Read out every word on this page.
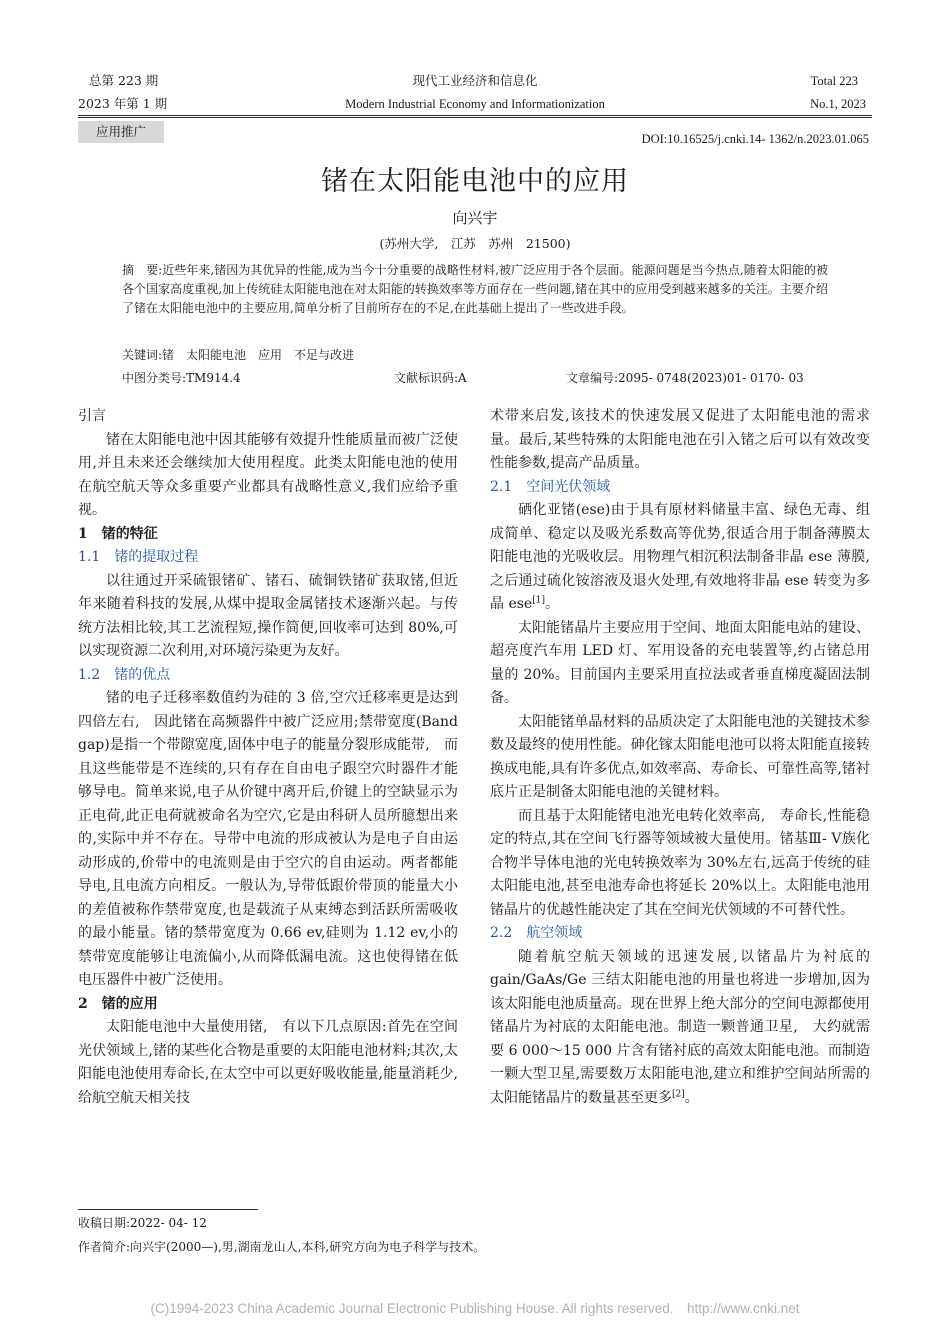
总第 223 期
2023 年第 1 期
现代工业经济和信息化
Modern Industrial Economy and Informationization
Total 223
No.1, 2023
应用推广	DOI:10.16525/j.cnki.14- 1362/n.2023.01.065
锗在太阳能电池中的应用
向兴宇
(苏州大学,　江苏　苏州　21500)
摘　要:近些年来,锗因为其优异的性能,成为当今十分重要的战略性材料,被广泛应用于各个层面。能源问题是当今热点,随着太阳能的被各个国家高度重视,加上传统硅太阳能电池在对太阳能的转换效率等方面存在一些问题,锗在其中的应用受到越来越多的关注。主要介绍了锗在太阳能电池中的主要应用,简单分析了目前所存在的不足,在此基础上提出了一些改进手段。
关键词:锗　太阳能电池　应用　不足与改进
中图分类号:TM914.4	文献标识码:A	文章编号:2095- 0748(2023)01- 0170- 03
引言

锗在太阳能电池中因其能够有效提升性能质量而被广泛使用,并且未来还会继续加大使用程度。此类太阳能电池的使用在航空航天等众多重要产业都具有战略性意义,我们应给予重视。

1　锗的特征
1.1　锗的提取过程

以往通过开采硫银锗矿、锗石、硫铜铁锗矿获取锗,但近年来随着科技的发展,从煤中提取金属锗技术逐渐兴起。与传统方法相比较,其工艺流程短,操作简便,回收率可达到 80%,可以实现资源二次利用,对环境污染更为友好。

1.2　锗的优点

锗的电子迁移率数值约为硅的 3 倍,空穴迁移率更是达到四倍左右,　因此锗在高频器件中被广泛应用;禁带宽度(Band gap)是指一个带隙宽度,固体中电子的能量分裂形成能带,　而且这些能带是不连续的,只有存在自由电子跟空穴时器件才能够导电。简单来说,电子从价键中离开后,价键上的空缺显示为正电荷,此正电荷就被命名为空穴,它是由科研人员所臆想出来的,实际中并不存在。导带中电流的形成被认为是电子自由运动形成的,价带中的电流则是由于空穴的自由运动。两者都能导电,且电流方向相反。一般认为,导带低跟价带顶的能量大小的差值被称作禁带宽度,也是载流子从束缚态到活跃所需吸收的最小能量。锗的禁带宽度为 0.66 ev,硅则为 1.12 ev,小的禁带宽度能够让电流偏小,从而降低漏电流。这也使得锗在低电压器件中被广泛使用。

2　锗的应用

太阳能电池中大量使用锗,　有以下几点原因:首先在空间光伏领域上,锗的某些化合物是重要的太阳能电池材料;其次,太阳能电池使用寿命长,在太空中可以更好吸收能量,能量消耗少,给航空航天相关技

术带来启发,该技术的快速发展又促进了太阳能电池的需求量。最后,某些特殊的太阳能电池在引入锗之后可以有效改变性能参数,提高产品质量。
2.1　空间光伏领域

硒化亚锗(ese)由于具有原材料储量丰富、绿色无毒、组成简单、稳定以及吸光系数高等优势,很适合用于制备薄膜太阳能电池的光吸收层。用物理气相沉积法制备非晶 ese 薄膜,之后通过硫化铵溶液及退火处理,有效地将非晶 ese 转变为多晶 ese[1]。

太阳能锗晶片主要应用于空间、地面太阳能电站的建设、超亮度汽车用 LED 灯、军用设备的充电装置等,约占锗总用量的 20%。目前国内主要采用直拉法或者垂直梯度凝固法制备。

太阳能锗单晶材料的品质决定了太阳能电池的关键技术参数及最终的使用性能。砷化镓太阳能电池可以将太阳能直接转换成电能,具有许多优点,如效率高、寿命长、可靠性高等,锗衬底片正是制备太阳能电池的关键材料。

而且基于太阳能锗电池光电转化效率高,　寿命长,性能稳定的特点,其在空间飞行器等领域被大量使用。锗基Ⅲ- Ⅴ族化合物半导体电池的光电转换效率为 30%左右,远高于传统的硅太阳能电池,甚至电池寿命也将延长 20%以上。太阳能电池用锗晶片的优越性能决定了其在空间光伏领域的不可替代性。

2.2　航空领域

随着航空航天领域的迅速发展,以锗晶片为衬底的 gain/GaAs/Ge 三结太阳能电池的用量也将进一步增加,因为该太阳能电池质量高。现在世界上绝大部分的空间电源都使用锗晶片为衬底的太阳能电池。制造一颗普通卫星,　大约就需要 6 000～15 000 片含有锗衬底的高效太阳能电池。而制造一颗大型卫星,需要数万太阳能电池,建立和维护空间站所需的太阳能锗晶片的数量甚至更多[2]。

收稿日期:2022- 04- 12
作者简介:向兴宇(2000—),男,湖南龙山人,本科,研究方向为电子科学与技术。
(C)1994-2023 China Academic Journal Electronic Publishing House. All rights reserved.　http://www.cnki.net
